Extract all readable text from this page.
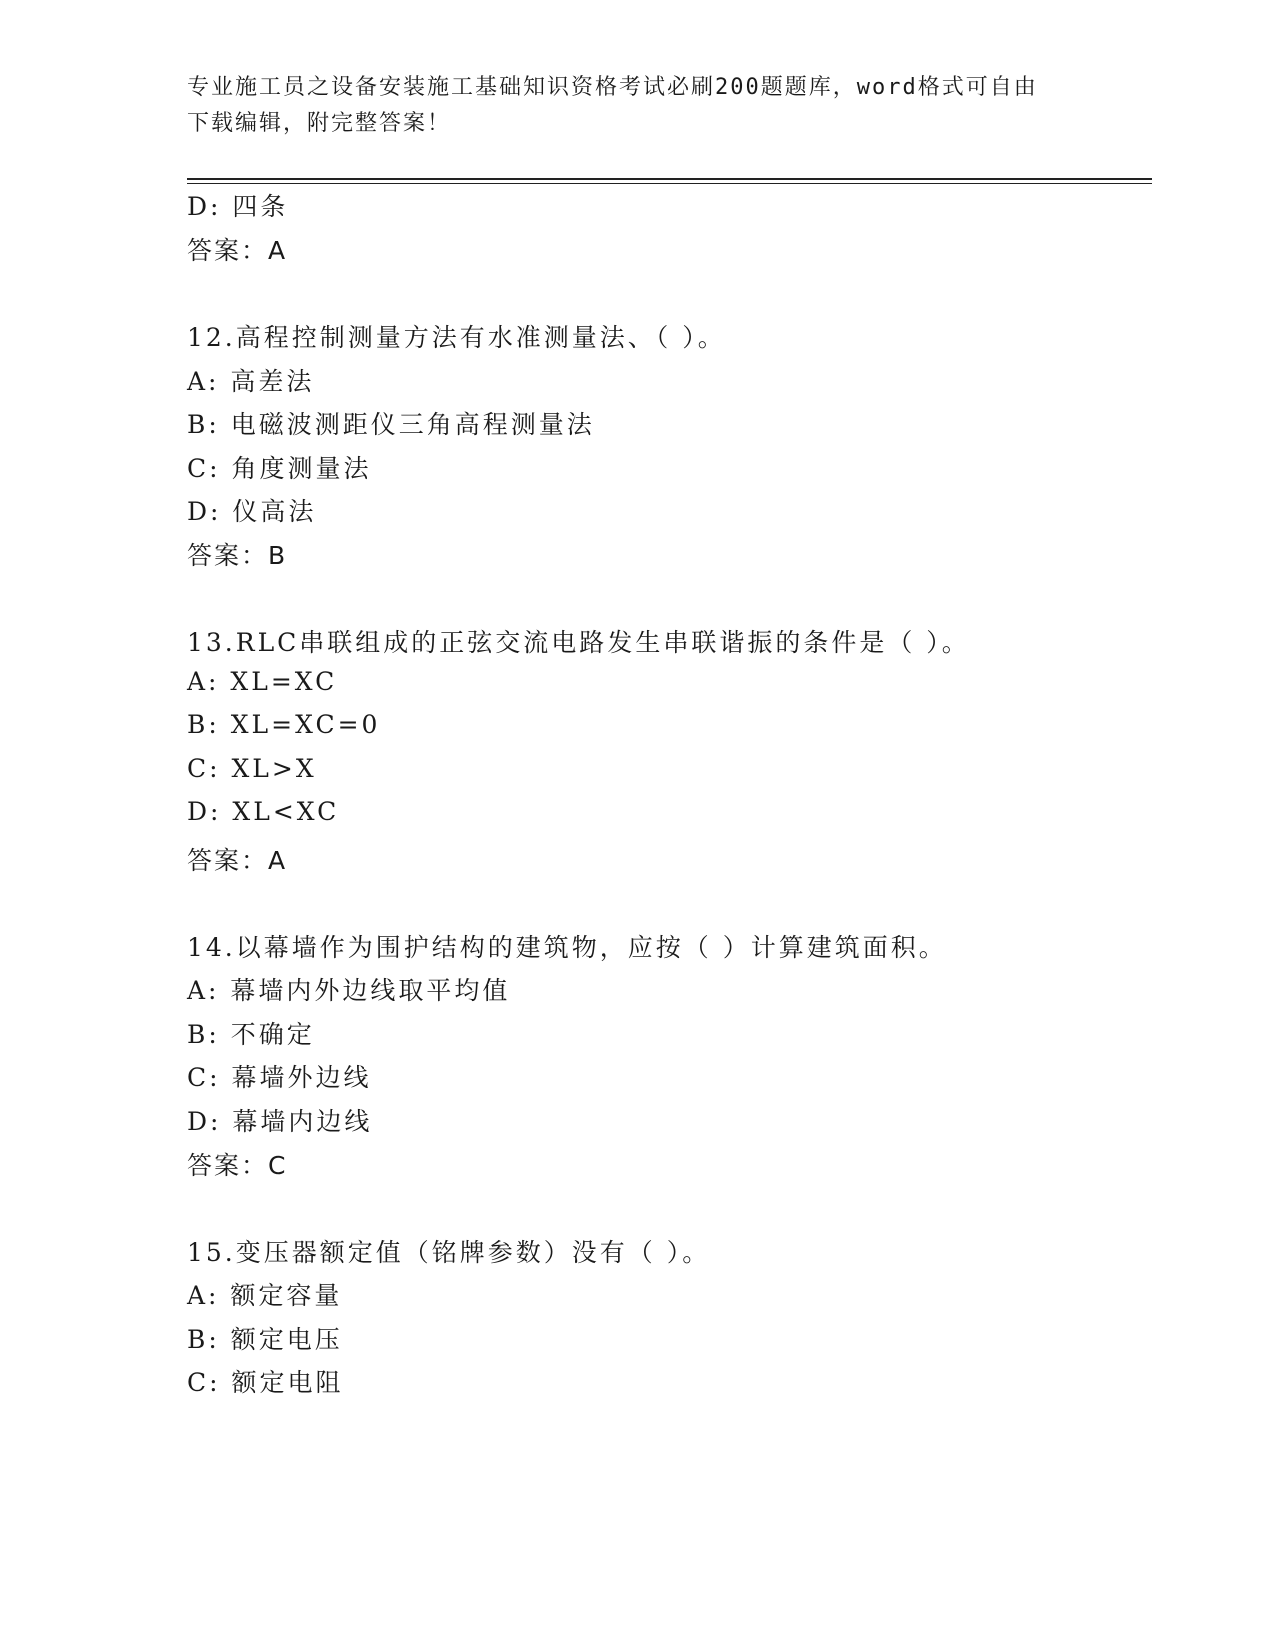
专业施工员之设备安装施工基础知识资格考试必刷200题题库，word格式可自由
下载编辑，附完整答案！
D: 四条
答案：A
12.高程控制测量方法有水准测量法、（ ）。
A: 高差法
B: 电磁波测距仪三角高程测量法
C: 角度测量法
D: 仪高法
答案：B
13.RLC串联组成的正弦交流电路发生串联谐振的条件是（ ）。
A: XL=XC
B: XL=XC=0
C: XL>X
D: XL<XC
答案：A
14.以幕墙作为围护结构的建筑物，应按（ ）计算建筑面积。
A: 幕墙内外边线取平均值
B: 不确定
C: 幕墙外边线
D: 幕墙内边线
答案：C
15.变压器额定值（铭牌参数）没有（ ）。
A: 额定容量
B: 额定电压
C: 额定电阻
